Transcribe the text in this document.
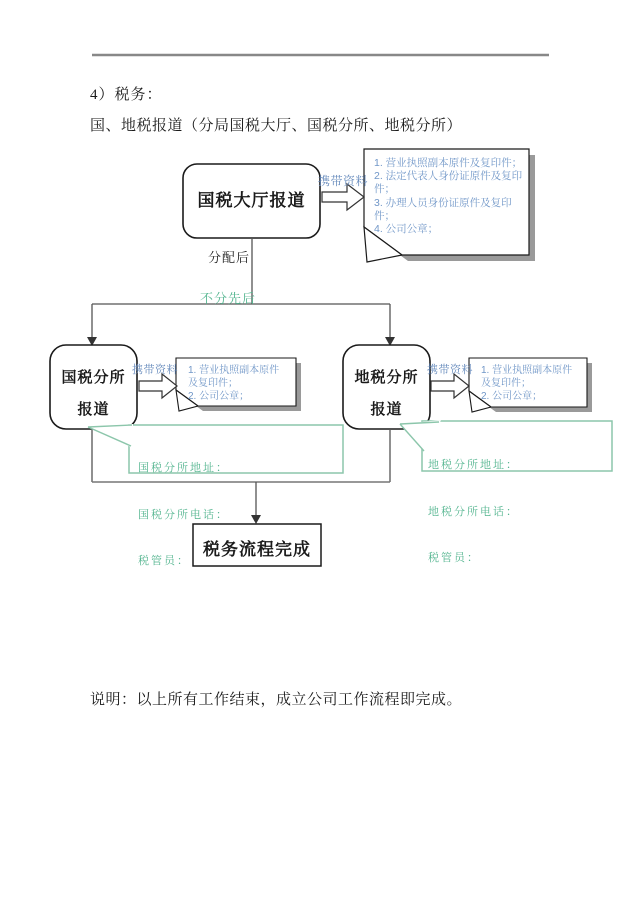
4）税务：
国、地税报道（分局国税大厅、国税分所、地税分所）
国税大厅报道
携带资料
携带资料	携带资料
1. 营业执照副本原件及复印件；
2. 法定代表人身份证原件及复印件；
3. 办理人员身份证原件及复印件；
4. 公司公章；
分配后
不分先后
国税分所
报道
地税分所
报道
1. 营业执照副本原件及复印件；
2. 公司公章；
1. 营业执照副本原件及复印件；
2. 公司公章；

国税分所地址：

国税分所电话：

税管员：

地税分所地址：

地税分所电话：

税管员：

税务流程完成
说明：以上所有工作结束，成立公司工作流程即完成。
